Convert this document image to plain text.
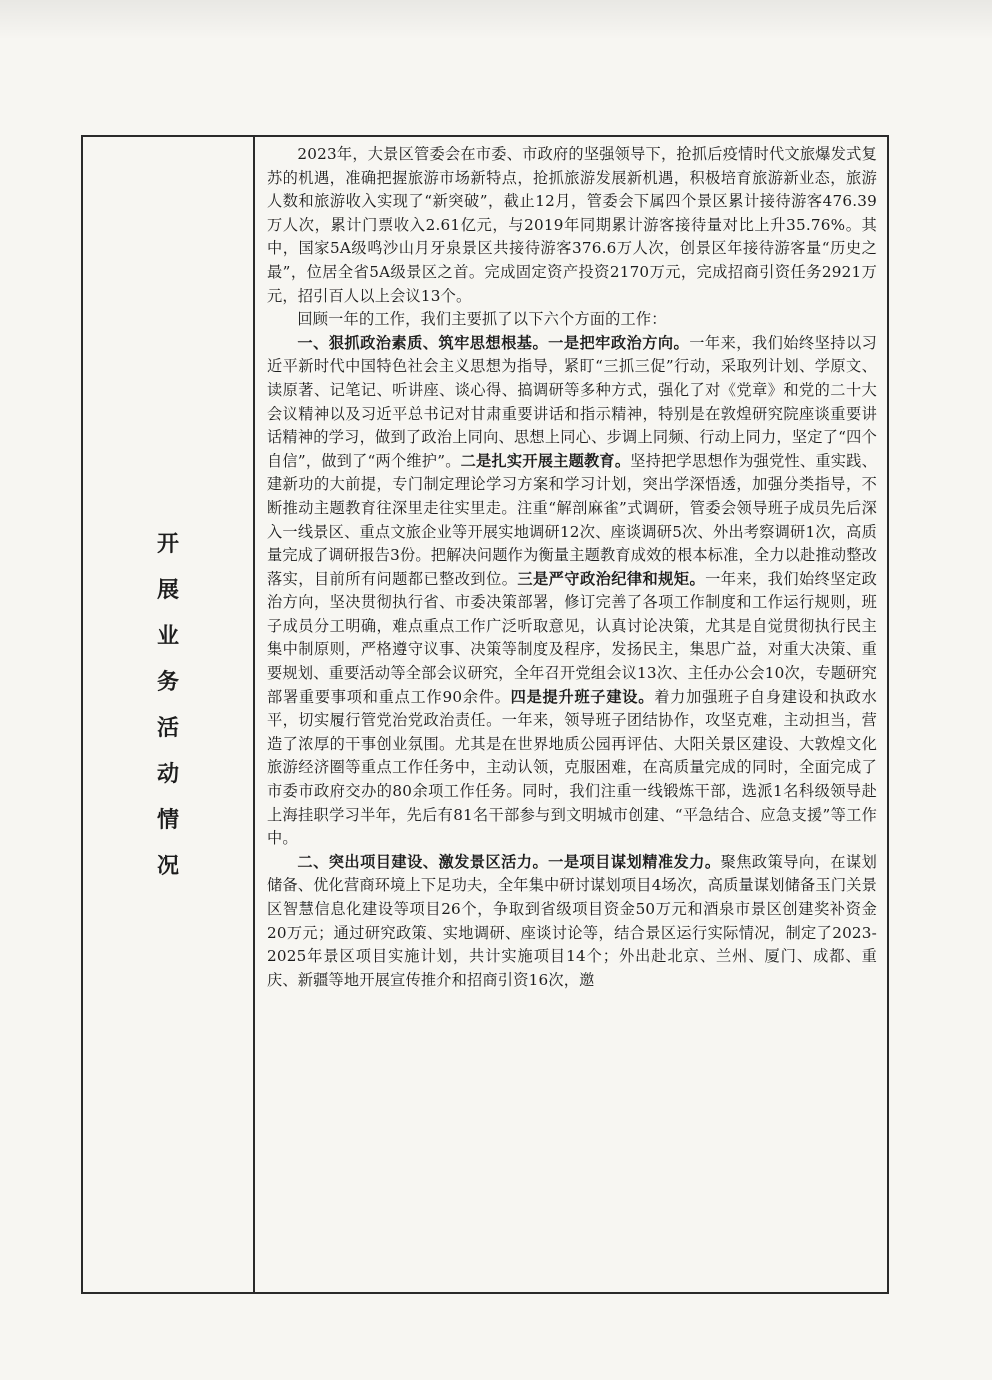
开
展
业
务
活
动
情
况

2023年，大景区管委会在市委、市政府的坚强领导下，抢抓后疫情时代文旅爆发式复苏的机遇，准确把握旅游市场新特点，抢抓旅游发展新机遇，积极培育旅游新业态，旅游人数和旅游收入实现了“新突破”，截止12月，管委会下属四个景区累计接待游客476.39万人次，累计门票收入2.61亿元，与2019年同期累计游客接待量对比上升35.76%。其中，国家5A级鸣沙山月牙泉景区共接待游客376.6万人次，创景区年接待游客量“历史之最”，位居全省5A级景区之首。完成固定资产投资2170万元，完成招商引资任务2921万元，招引百人以上会议13个。

回顾一年的工作，我们主要抓了以下六个方面的工作：

一、狠抓政治素质、筑牢思想根基。一是把牢政治方向。一年来，我们始终坚持以习近平新时代中国特色社会主义思想为指导，紧盯“三抓三促”行动，采取列计划、学原文、读原著、记笔记、听讲座、谈心得、搞调研等多种方式，强化了对《党章》和党的二十大会议精神以及习近平总书记对甘肃重要讲话和指示精神，特别是在敦煌研究院座谈重要讲话精神的学习，做到了政治上同向、思想上同心、步调上同频、行动上同力，坚定了“四个自信”，做到了“两个维护”。二是扎实开展主题教育。坚持把学思想作为强党性、重实践、建新功的大前提，专门制定理论学习方案和学习计划，突出学深悟透，加强分类指导，不断推动主题教育往深里走往实里走。注重“解剖麻雀”式调研，管委会领导班子成员先后深入一线景区、重点文旅企业等开展实地调研12次、座谈调研5次、外出考察调研1次，高质量完成了调研报告3份。把解决问题作为衡量主题教育成效的根本标准，全力以赴推动整改落实，目前所有问题都已整改到位。三是严守政治纪律和规矩。一年来，我们始终坚定政治方向，坚决贯彻执行省、市委决策部署，修订完善了各项工作制度和工作运行规则，班子成员分工明确，难点重点工作广泛听取意见，认真讨论决策，尤其是自觉贯彻执行民主集中制原则，严格遵守议事、决策等制度及程序，发扬民主，集思广益，对重大决策、重要规划、重要活动等全部会议研究，全年召开党组会议13次、主任办公会10次，专题研究部署重要事项和重点工作90余件。四是提升班子建设。着力加强班子自身建设和执政水平，切实履行管党治党政治责任。一年来，领导班子团结协作，攻坚克难，主动担当，营造了浓厚的干事创业氛围。尤其是在世界地质公园再评估、大阳关景区建设、大敦煌文化旅游经济圈等重点工作任务中，主动认领，克服困难，在高质量完成的同时，全面完成了市委市政府交办的80余项工作任务。同时，我们注重一线锻炼干部，选派1名科级领导赴上海挂职学习半年，先后有81名干部参与到文明城市创建、“平急结合、应急支援”等工作中。

二、突出项目建设、激发景区活力。一是项目谋划精准发力。聚焦政策导向，在谋划储备、优化营商环境上下足功夫，全年集中研讨谋划项目4场次，高质量谋划储备玉门关景区智慧信息化建设等项目26个，争取到省级项目资金50万元和酒泉市景区创建奖补资金20万元；通过研究政策、实地调研、座谈讨论等，结合景区运行实际情况，制定了2023-2025年景区项目实施计划，共计实施项目14个；外出赴北京、兰州、厦门、成都、重庆、新疆等地开展宣传推介和招商引资16次，邀
